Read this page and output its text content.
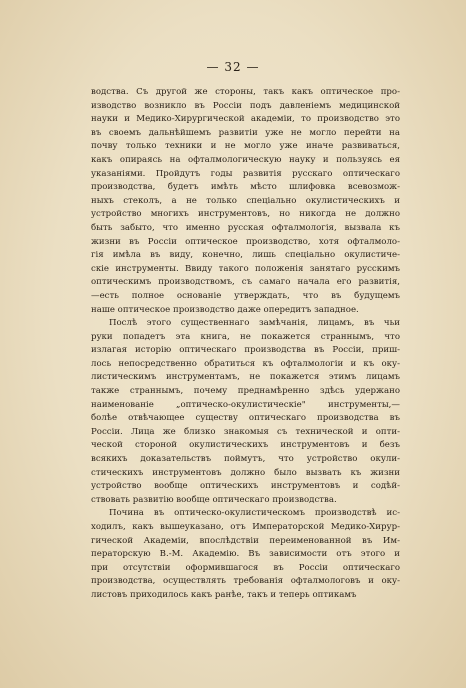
— 32 —
водства. Съ другой же стороны, такъ какъ оптическое про-
изводство возникло въ Россіи подъ давленіемъ медицинской
науки и Медико-Хирургической академіи, то производство это
въ своемъ дальнѣйшемъ развитіи уже не могло перейти на
почву только техники и не могло уже иначе развиваться,
какъ опираясь на офталмологическую науку и пользуясь ея
указаніями. Пройдутъ годы развитія русскаго оптическаго
производства, будетъ имѣть мѣсто шлифовка всевозмож-
ныхъ стеколъ, а не только спеціально окулистическихъ и
устройство многихъ инструментовъ, но никогда не должно
быть забыто, что именно русская офталмологія, вызвала къ
жизни въ Россіи оптическое производство, хотя офталмоло-
гія имѣла въ виду, конечно, лишь спеціально окулистиче-
скіе инструменты. Ввиду такого положенія занятаго русскимъ
оптическимъ производствомъ, съ самаго начала его развитія,
—есть полное основаніе утверждать, что въ будущемъ
наше оптическое производство даже опередитъ западное.
Послѣ этого существеннаго замѣчанія, лицамъ, въ чьи
руки попадетъ эта книга, не покажется страннымъ, что
излагая исторію оптическаго производства въ Россіи, приш-
лось непосредственно обратиться къ офталмологіи и къ оку-
листическимъ инструментамъ, не покажется этимъ лицамъ
также страннымъ, почему преднамѣренно здѣсь удержано
наименованіе „оптическо-окулистическіе" инструменты,—
болѣе отвѣчающее существу оптическаго производства въ
Россіи. Лица же близко знакомыя съ технической и опти-
ческой стороной окулистическихъ инструментовъ и безъ
всякихъ доказательствъ поймутъ, что устройство окули-
стическихъ инструментовъ должно было вызвать къ жизни
устройство вообще оптическихъ инструментовъ и содѣй-
ствовать развитію вообще оптическаго производства.
Почина въ оптическо-окулистическомъ производствѣ ис-
ходилъ, какъ вышеуказано, отъ Императорской Медико-Хирур-
гической Академіи, впослѣдствіи переименованной въ Им-
ператорскую В.-М. Академію. Въ зависимости отъ этого и
при отсутствіи оформившагося въ Россіи оптическаго
производства, осуществлять требованія офталмологовъ и оку-
листовъ приходилось какъ ранѣе, такъ и теперь оптикамъ
